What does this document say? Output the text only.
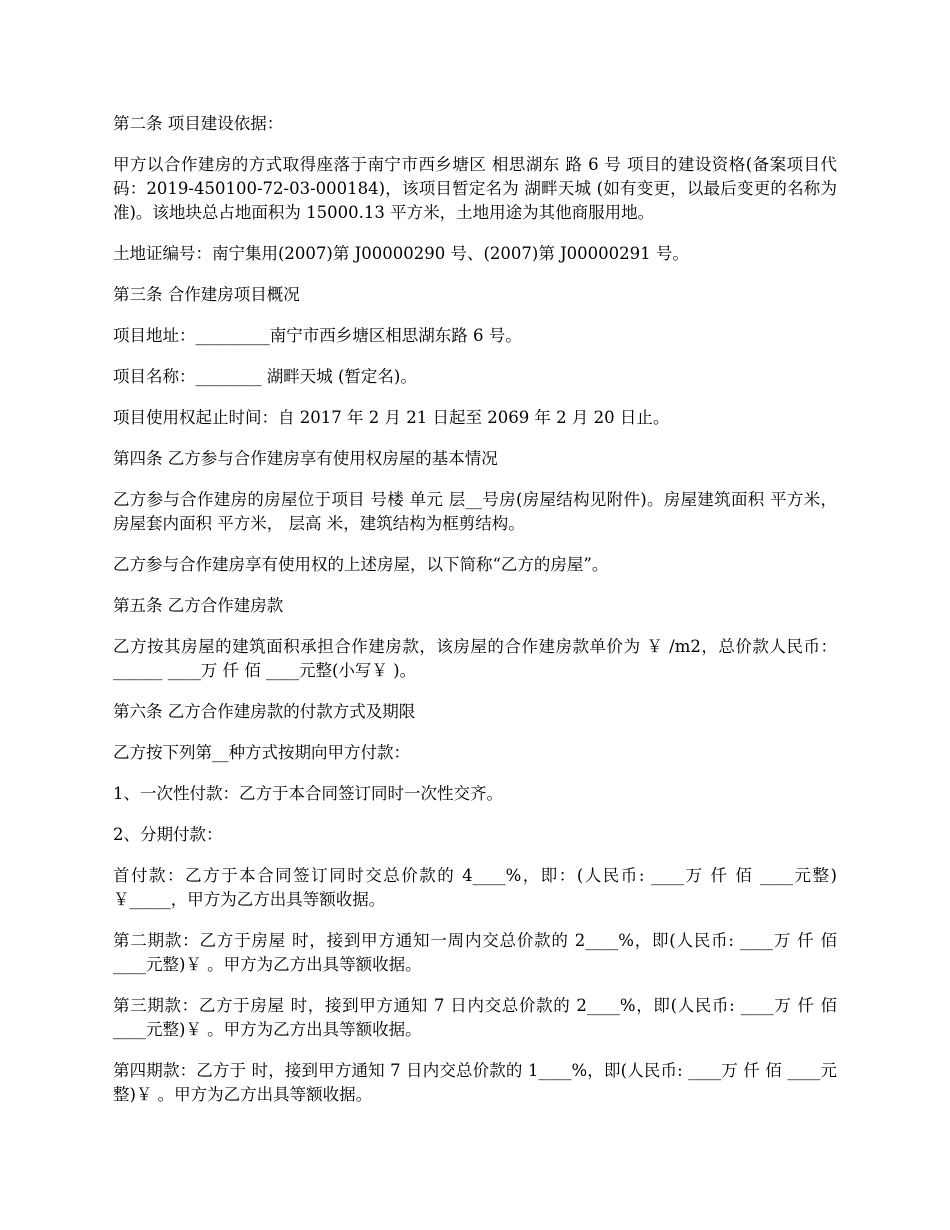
第二条 项目建设依据：

甲方以合作建房的方式取得座落于南宁市西乡塘区 相思湖东 路 6 号 项目的建设资格(备案项目代码：2019-450100-72-03-000184)，该项目暂定名为 湖畔天城 (如有变更，以最后变更的名称为准)。该地块总占地面积为 15000.13 平方米，土地用途为其他商服用地。

土地证编号：南宁集用(2007)第 J00000290 号、(2007)第 J00000291 号。

第三条 合作建房项目概况

项目地址：_________南宁市西乡塘区相思湖东路 6 号。

项目名称：________ 湖畔天城 (暂定名)。

项目使用权起止时间：自 2017 年 2 月 21 日起至 2069 年 2 月 20 日止。

第四条 乙方参与合作建房享有使用权房屋的基本情况

乙方参与合作建房的房屋位于项目 号楼 单元 层__号房(房屋结构见附件)。房屋建筑面积 平方米，房屋套内面积 平方米， 层高 米，建筑结构为框剪结构。

乙方参与合作建房享有使用权的上述房屋，以下简称“乙方的房屋”。

第五条 乙方合作建房款

乙方按其房屋的建筑面积承担合作建房款，该房屋的合作建房款单价为 ￥ /m2，总价款人民币：______ ____万 仟 佰 ____元整(小写￥ )。

第六条 乙方合作建房款的付款方式及期限

乙方按下列第__种方式按期向甲方付款：

1、一次性付款：乙方于本合同签订同时一次性交齐。

2、分期付款：

首付款：乙方于本合同签订同时交总价款的 4____%，即：(人民币: ____万 仟 佰 ____元整)￥_____，甲方为乙方出具等额收据。

第二期款：乙方于房屋 时，接到甲方通知一周内交总价款的 2____%，即(人民币: ____万 仟 佰 ____元整)￥ 。甲方为乙方出具等额收据。

第三期款：乙方于房屋 时，接到甲方通知 7 日内交总价款的 2____%，即(人民币: ____万 仟 佰 ____元整)￥ 。甲方为乙方出具等额收据。

第四期款：乙方于 时，接到甲方通知 7 日内交总价款的 1____%，即(人民币: ____万 仟 佰 ____元整)￥ 。甲方为乙方出具等额收据。
